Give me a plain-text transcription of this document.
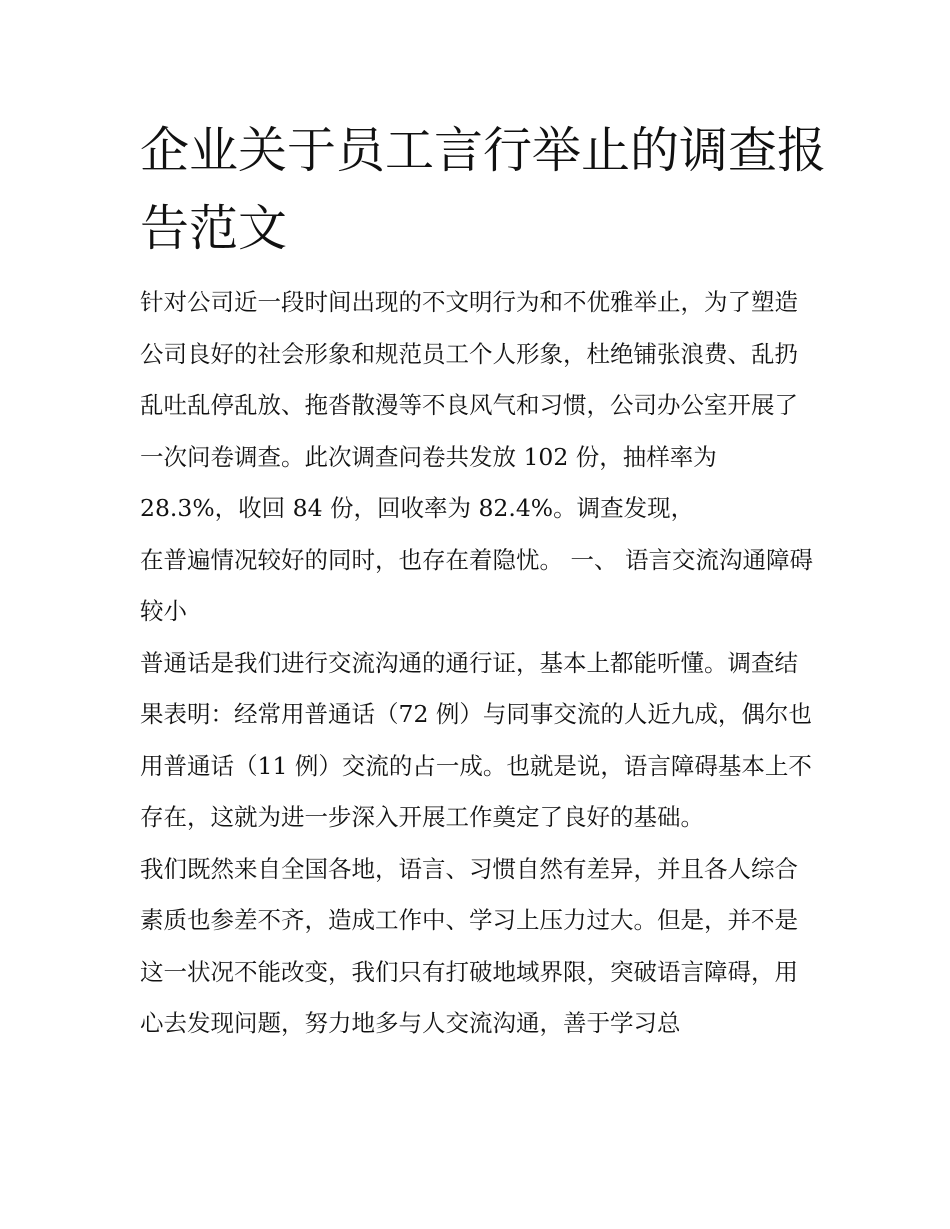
企业关于员工言行举止的调查报告范文

针对公司近一段时间出现的不文明行为和不优雅举止，为了塑造公司良好的社会形象和规范员工个人形象，杜绝铺张浪费、乱扔乱吐乱停乱放、拖沓散漫等不良风气和习惯，公司办公室开展了一次问卷调查。此次调查问卷共发放 102 份，抽样率为 28.3%，收回 84 份，回收率为 82.4%。调查发现，

在普遍情况较好的同时，也存在着隐忧。 一、 语言交流沟通障碍较小

普通话是我们进行交流沟通的通行证，基本上都能听懂。调查结果表明：经常用普通话（72 例）与同事交流的人近九成，偶尔也用普通话（11 例）交流的占一成。也就是说，语言障碍基本上不存在，这就为进一步深入开展工作奠定了良好的基础。

我们既然来自全国各地，语言、习惯自然有差异，并且各人综合素质也参差不齐，造成工作中、学习上压力过大。但是，并不是这一状况不能改变，我们只有打破地域界限，突破语言障碍，用心去发现问题，努力地多与人交流沟通，善于学习总
